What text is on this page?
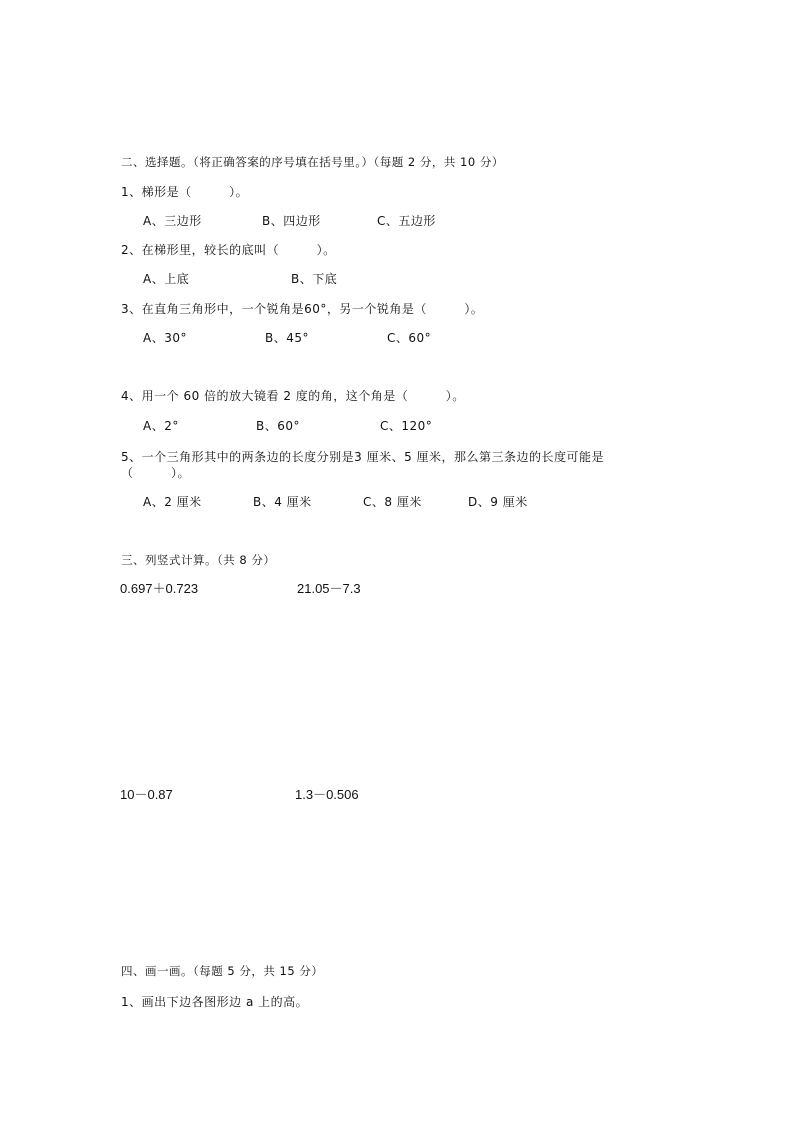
二、选择题。（将正确答案的序号填在括号里。）（每题 2 分，共 10 分）
1、梯形是（　　　）。
A、三边形	B、四边形	C、五边形
2、在梯形里，较长的底叫（　　　）。
A、上底	B、下底
3、在直角三角形中，一个锐角是60°，另一个锐角是（　　　）。
A、30°	B、45°	C、60°
4、用一个 60 倍的放大镜看 2 度的角，这个角是（　　　）。
A、2°	B、60°	C、120°
5、一个三角形其中的两条边的长度分别是3 厘米、5 厘米，那么第三条边的长度可能是
（　　　）。
A、2 厘米	B、4 厘米	C、8 厘米	D、9 厘米
三、列竖式计算。（共 8 分）
0.697＋0.723	21.05－7.3
10－0.87	1.3－0.506
四、画一画。（每题 5 分，共 15 分）
1、画出下边各图形边 a 上的高。
